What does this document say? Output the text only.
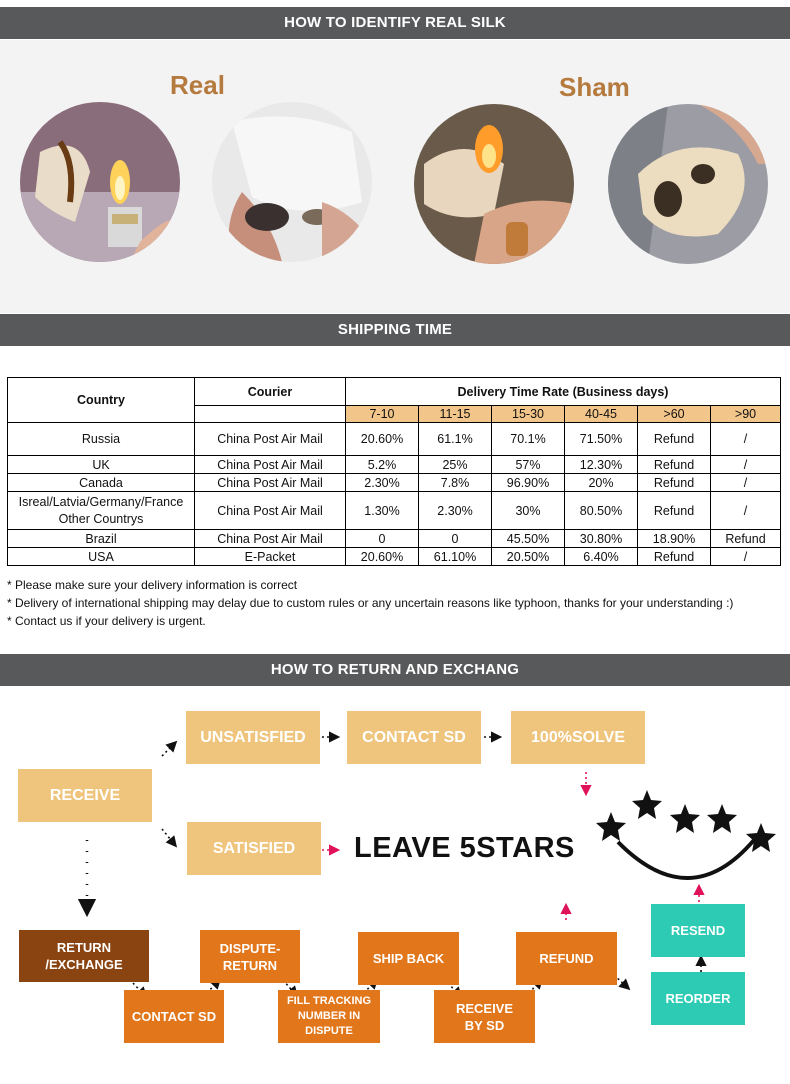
HOW TO IDENTIFY REAL SILK
Real	Sham
SHIPPING TIME
Country	Courier	Delivery Time Rate (Business days)					
		7-10	11-15	15-30	40-45	>60	>90
Russia	China Post Air Mail	20.60%	61.1%	70.1%	71.50%	Refund	/
UK	China Post Air Mail	5.2%	25%	57%	12.30%	Refund	/
Canada	China Post Air Mail	2.30%	7.8%	96.90%	20%	Refund	/
Isreal/Latvia/Germany/France
Other Countrys	China Post Air Mail	1.30%	2.30%	30%	80.50%	Refund	/
Brazil	China Post Air Mail	0	0	45.50%	30.80%	18.90%	Refund
USA	E-Packet	20.60%	61.10%	20.50%	6.40%	Refund	/
* Please make sure your delivery information is correct
* Delivery of international shipping may delay due to custom rules or any uncertain reasons like typhoon, thanks for your understanding :)
* Contact us if your delivery is urgent.
HOW TO RETURN AND EXCHANG
RECEIVE
UNSATISFIED	CONTACT SD	100%SOLVE
SATISFIED	LEAVE 5STARS
RETURN
/EXCHANGE
CONTACT SD
DISPUTE-
RETURN
FILL TRACKING
NUMBER IN
DISPUTE
SHIP BACK
RECEIVE
BY SD
REFUND
RESEND
REORDER
